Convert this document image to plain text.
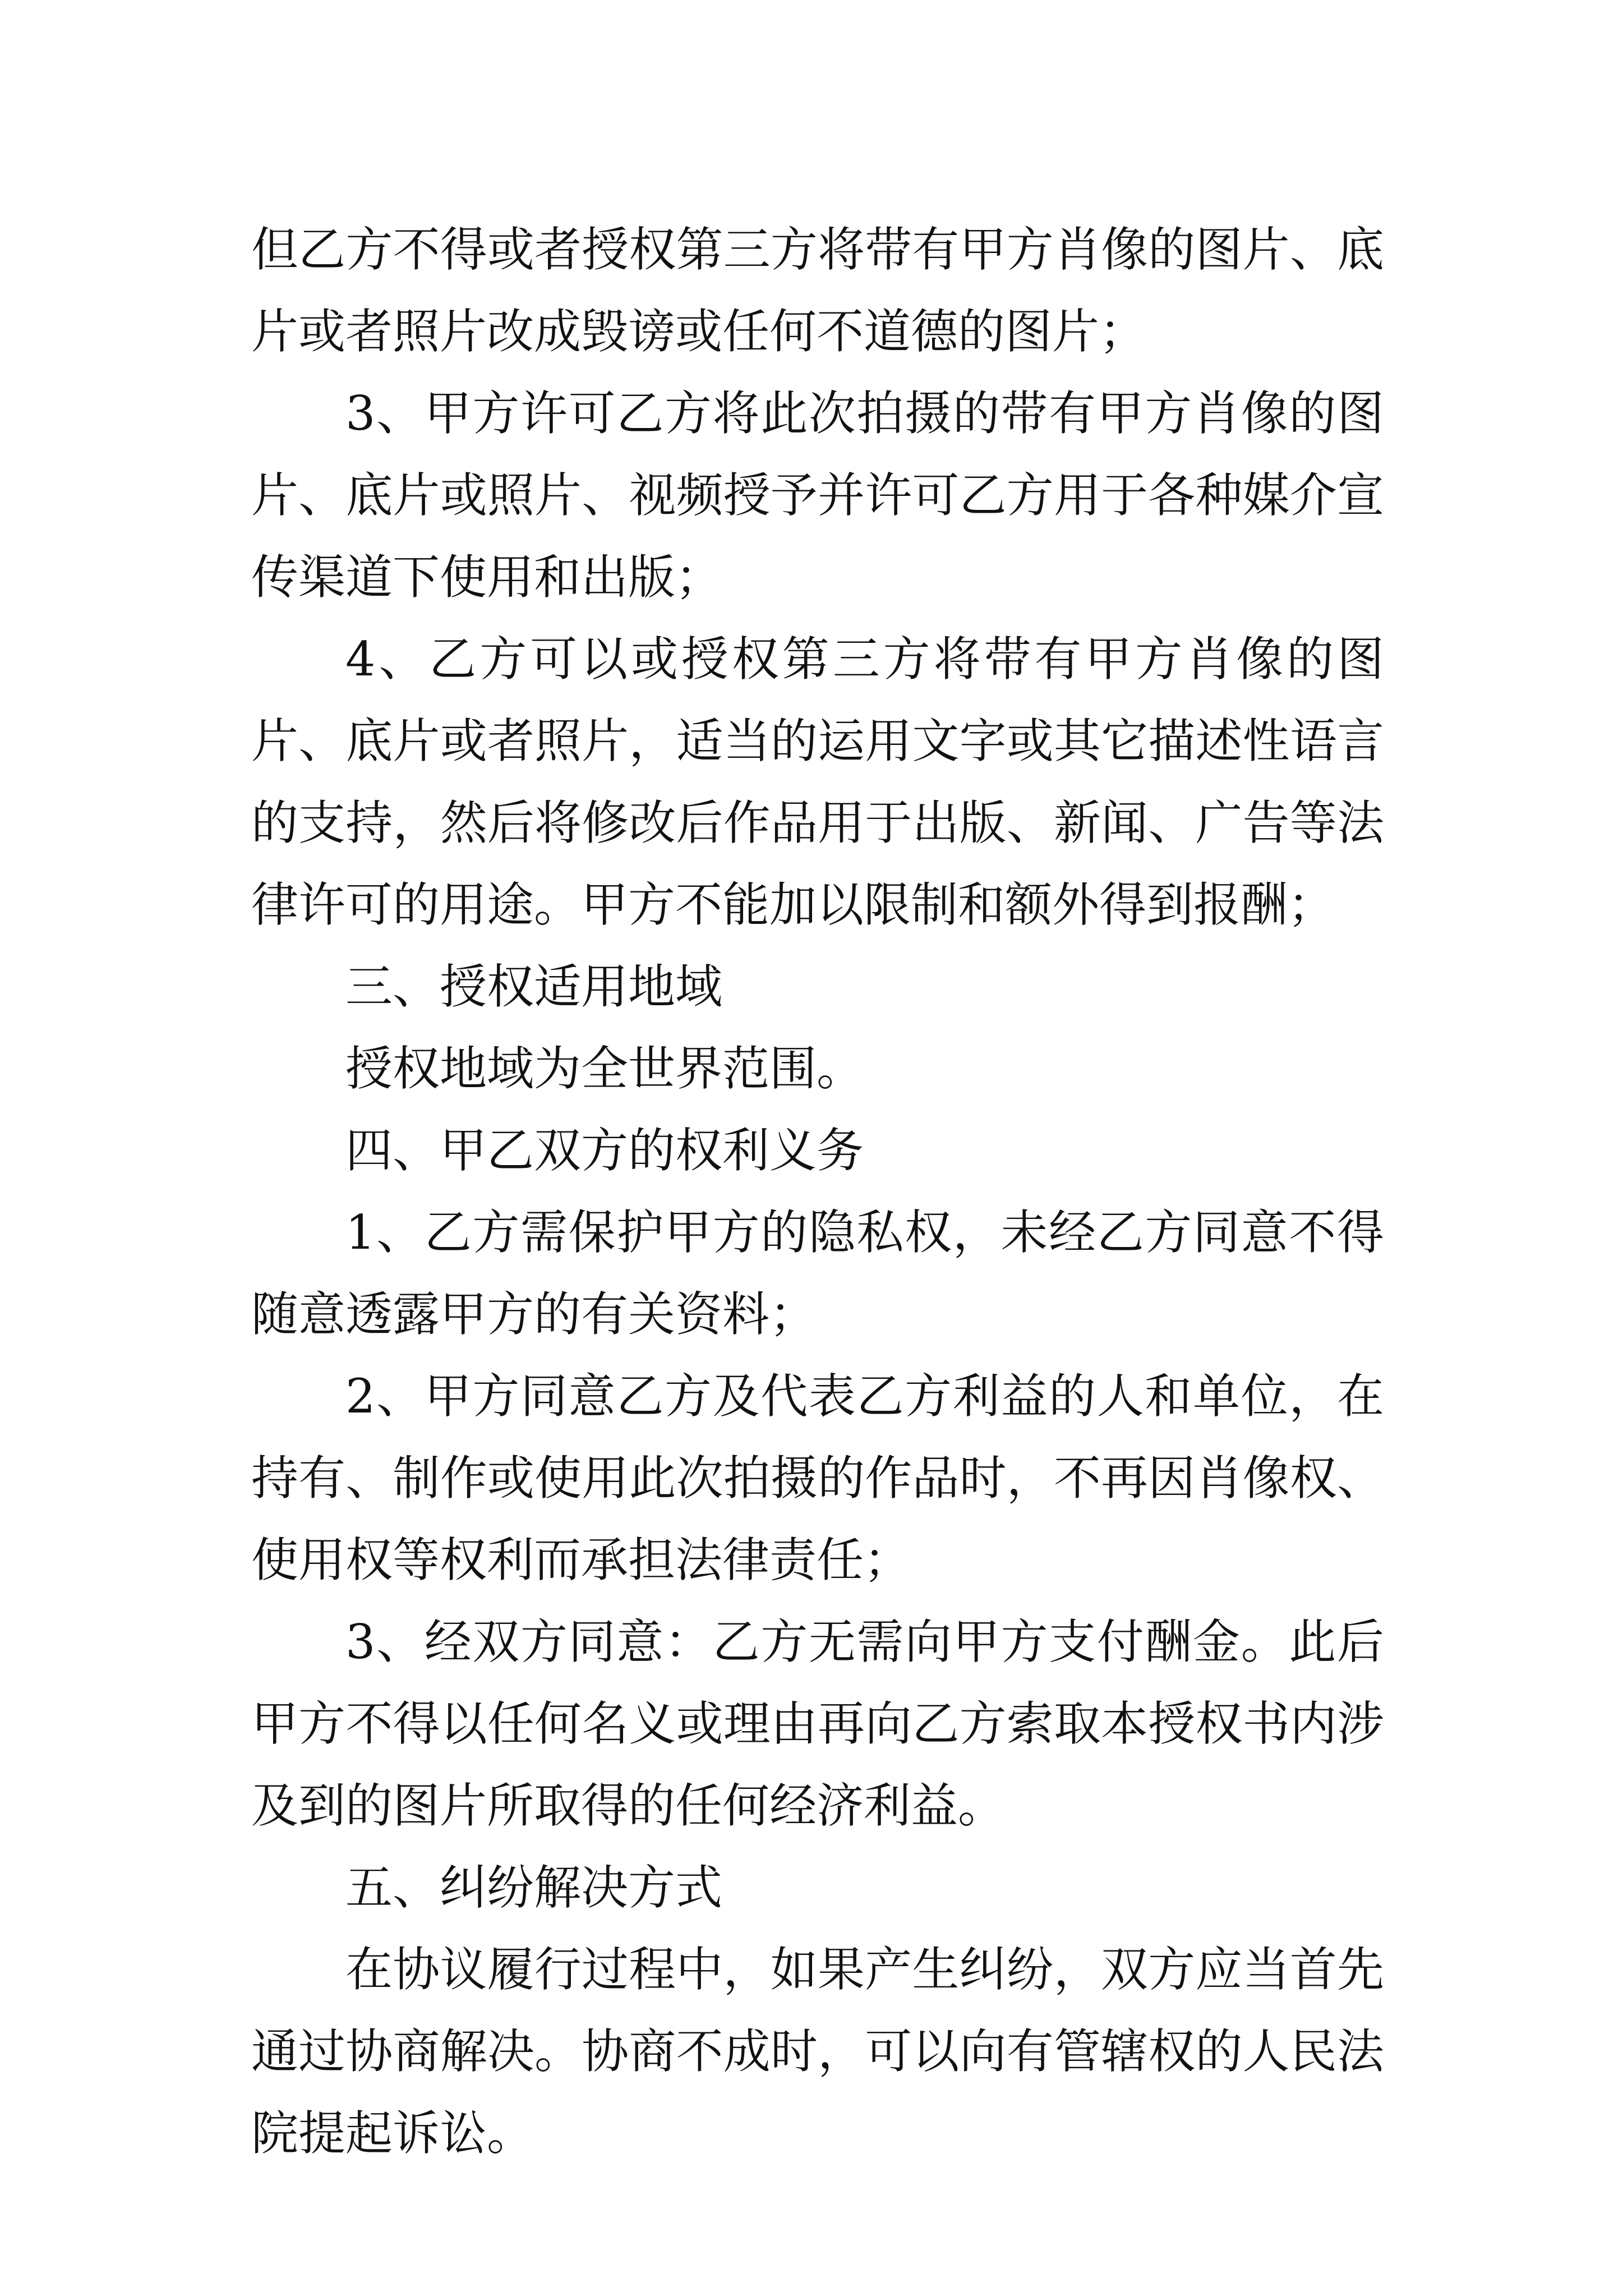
但乙方不得或者授权第三方将带有甲方肖像的图片、底片或者照片改成毁谤或任何不道德的图片；

3、甲方许可乙方将此次拍摄的带有甲方肖像的图片、底片或照片、视频授予并许可乙方用于各种媒介宣传渠道下使用和出版；

4、乙方可以或授权第三方将带有甲方肖像的图片、底片或者照片，适当的运用文字或其它描述性语言的支持，然后将修改后作品用于出版、新闻、广告等法律许可的用途。甲方不能加以限制和额外得到报酬；

三、授权适用地域

授权地域为全世界范围。

四、甲乙双方的权利义务

1、乙方需保护甲方的隐私权，未经乙方同意不得随意透露甲方的有关资料；

2、甲方同意乙方及代表乙方利益的人和单位，在持有、制作或使用此次拍摄的作品时，不再因肖像权、使用权等权利而承担法律责任；

3、经双方同意：乙方无需向甲方支付酬金。此后甲方不得以任何名义或理由再向乙方索取本授权书内涉及到的图片所取得的任何经济利益。

五、纠纷解决方式

在协议履行过程中，如果产生纠纷，双方应当首先通过协商解决。协商不成时，可以向有管辖权的人民法院提起诉讼。
